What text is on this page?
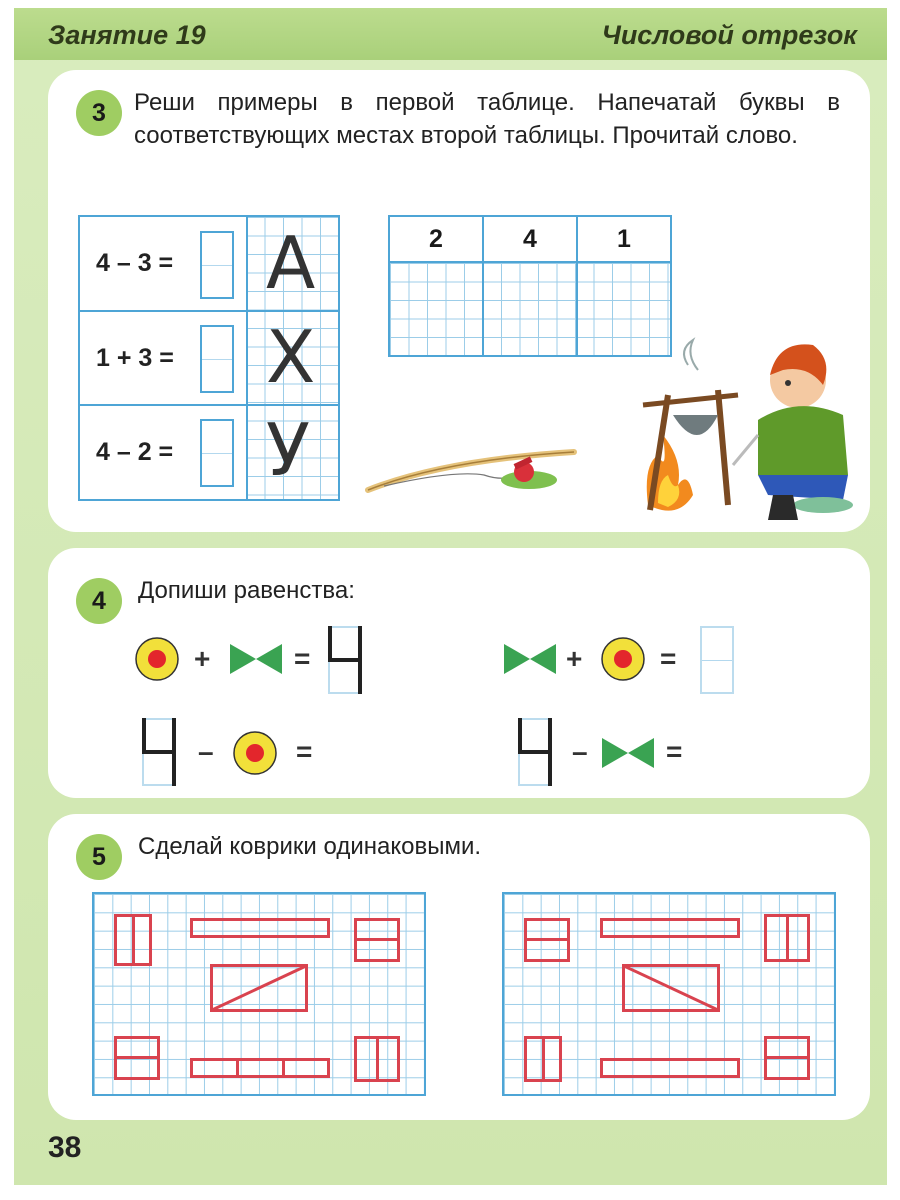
Занятие 19	Числовой отрезок
3	Реши примеры в первой таблице. Напечатай буквы в соответствующих местах второй таблицы. Прочитай слово.
4 – 3 = А
1 + 3 = Х
4 – 2 = У
2	4	1
4	Допиши равенства:
+	=	+	=
–	=	–	=
5	Сделай коврики одинаковыми.
38
